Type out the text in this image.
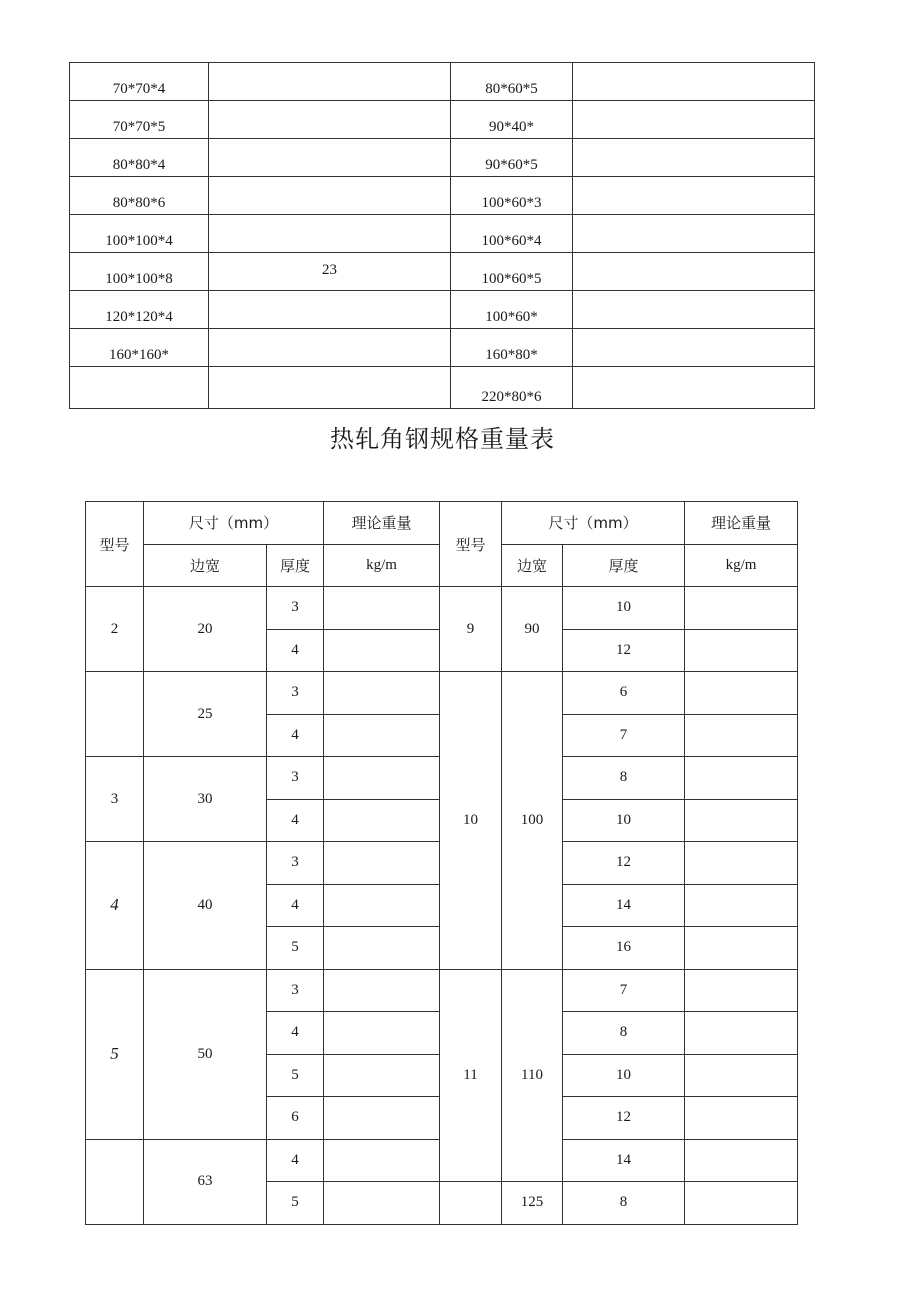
70*70*4		80*60*5	

70*70*5		90*40*	

80*80*4		90*60*5	

80*80*6		100*60*3	

100*100*4		100*60*4	

100*100*8	23	100*60*5	

120*120*4		100*60*	

160*160*		160*80*	

		220*80*6	

热轧角钢规格重量表
型号	尺寸（mm）		理论重量	型号	尺寸（mm）		理论重量
	边宽	厚度	kg/m		边宽	厚度	kg/m
2	20	3		9	90	10	
		4				12	
	25	3		10	100	6	
		4				7	
3	30	3				8	
		4				10	
4	40	3				12	
		4				14	
		5				16	
5	50	3		11	110	7	
		4				8	
		5				10	
		6				12	
	63	4				14	
		5			125	8	
